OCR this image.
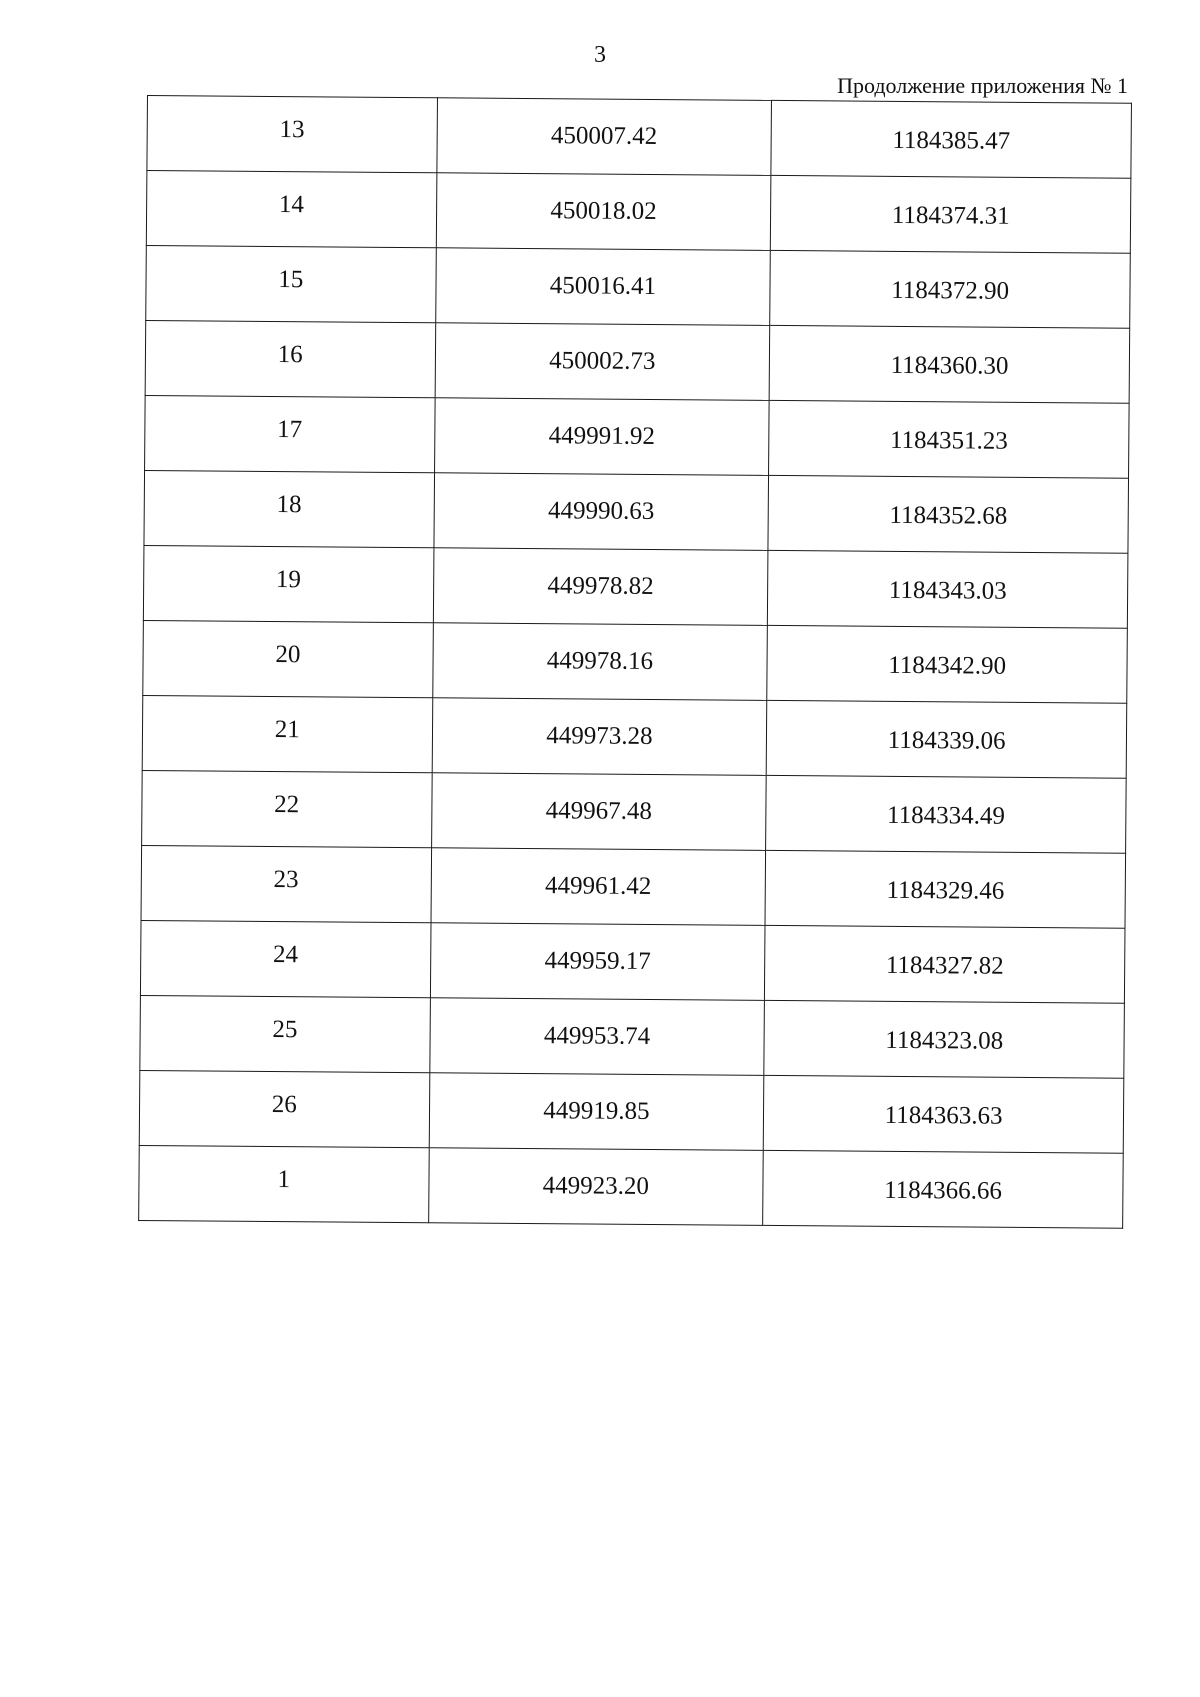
3
Продолжение приложения № 1
13	450007.42	1184385.47
14	450018.02	1184374.31
15	450016.41	1184372.90
16	450002.73	1184360.30
17	449991.92	1184351.23
18	449990.63	1184352.68
19	449978.82	1184343.03
20	449978.16	1184342.90
21	449973.28	1184339.06
22	449967.48	1184334.49
23	449961.42	1184329.46
24	449959.17	1184327.82
25	449953.74	1184323.08
26	449919.85	1184363.63
1	449923.20	1184366.66
